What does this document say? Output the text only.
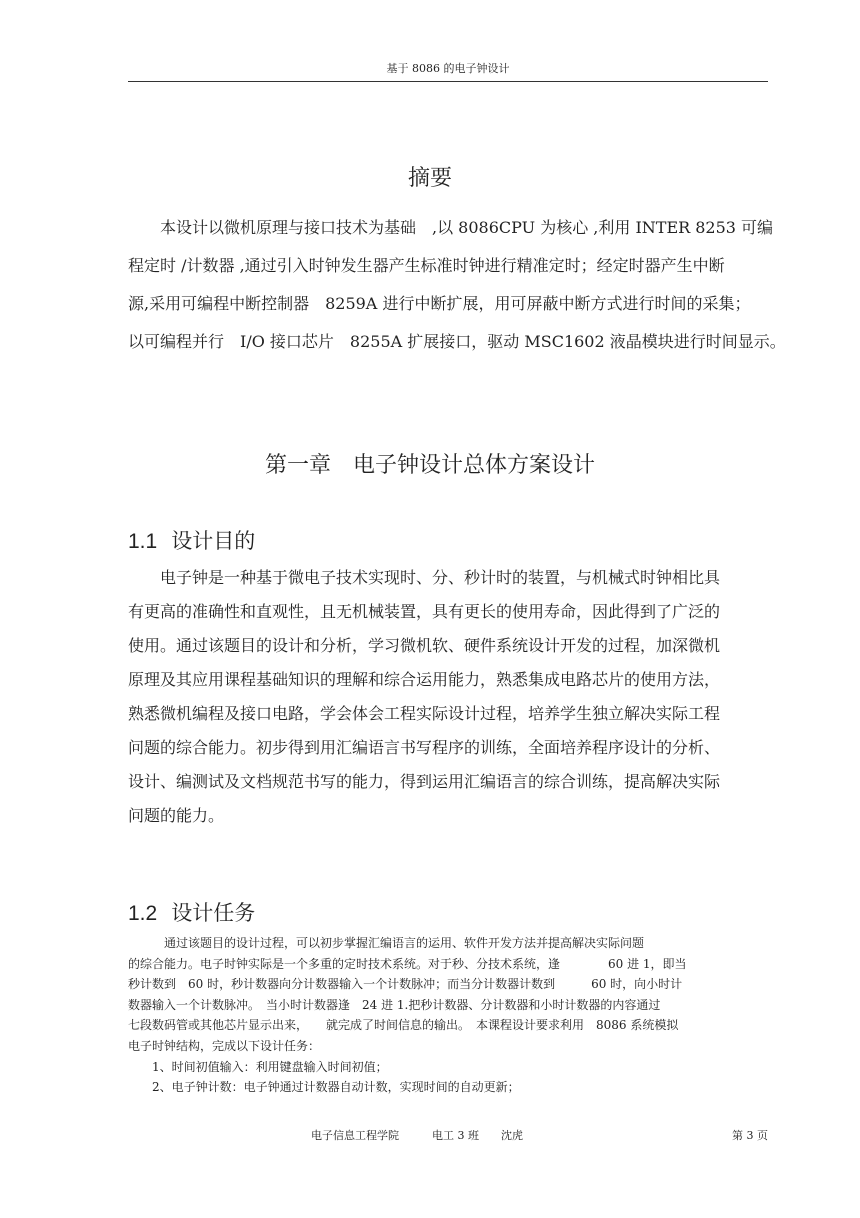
基于 8086 的电子钟设计
摘要

　　本设计以微机原理与接口技术为基础　,以 8086CPU 为核心 ,利用 INTER 8253 可编
程定时 /计数器 ,通过引入时钟发生器产生标准时钟进行精准定时；经定时器产生中断
源,采用可编程中断控制器　8259A 进行中断扩展，用可屏蔽中断方式进行时间的采集；
以可编程并行　I/O 接口芯片　8255A 扩展接口，驱动 MSC1602 液晶模块进行时间显示。

第一章　电子钟设计总体方案设计
1.1 设计目的

　　电子钟是一种基于微电子技术实现时、分、秒计时的装置，与机械式时钟相比具
有更高的准确性和直观性，且无机械装置，具有更长的使用寿命，因此得到了广泛的
使用。通过该题目的设计和分析，学习微机软、硬件系统设计开发的过程，加深微机
原理及其应用课程基础知识的理解和综合运用能力，熟悉集成电路芯片的使用方法，
熟悉微机编程及接口电路，学会体会工程实际设计过程，培养学生独立解决实际工程
问题的综合能力。初步得到用汇编语言书写程序的训练，全面培养程序设计的分析、
设计、编测试及文档规范书写的能力，得到运用汇编语言的综合训练，提高解决实际
问题的能力。

1.2 设计任务

　　　通过该题目的设计过程，可以初步掌握汇编语言的运用、软件开发方法并提高解决实际问题
的综合能力。电子时钟实际是一个多重的定时技术系统。对于秒、分技术系统，逢　　　　60 进 1，即当
秒计数到　60 时，秒计数器向分计数器输入一个计数脉冲；而当分计数器计数到　　　60 时，向小时计
数器输入一个计数脉冲。　当小时计数器逢　24 进 1.把秒计数器、分计数器和小时计数器的内容通过
七段数码管或其他芯片显示出来，　　就完成了时间信息的输出。　本课程设计要求利用　8086 系统模拟
电子时钟结构，完成以下设计任务：
　　1、时间初值输入：利用键盘输入时间初值；
　　2、电子钟计数：电子钟通过计数器自动计数，实现时间的自动更新；

电子信息工程学院　　　电工 3 班　　沈虎	第 3 页
